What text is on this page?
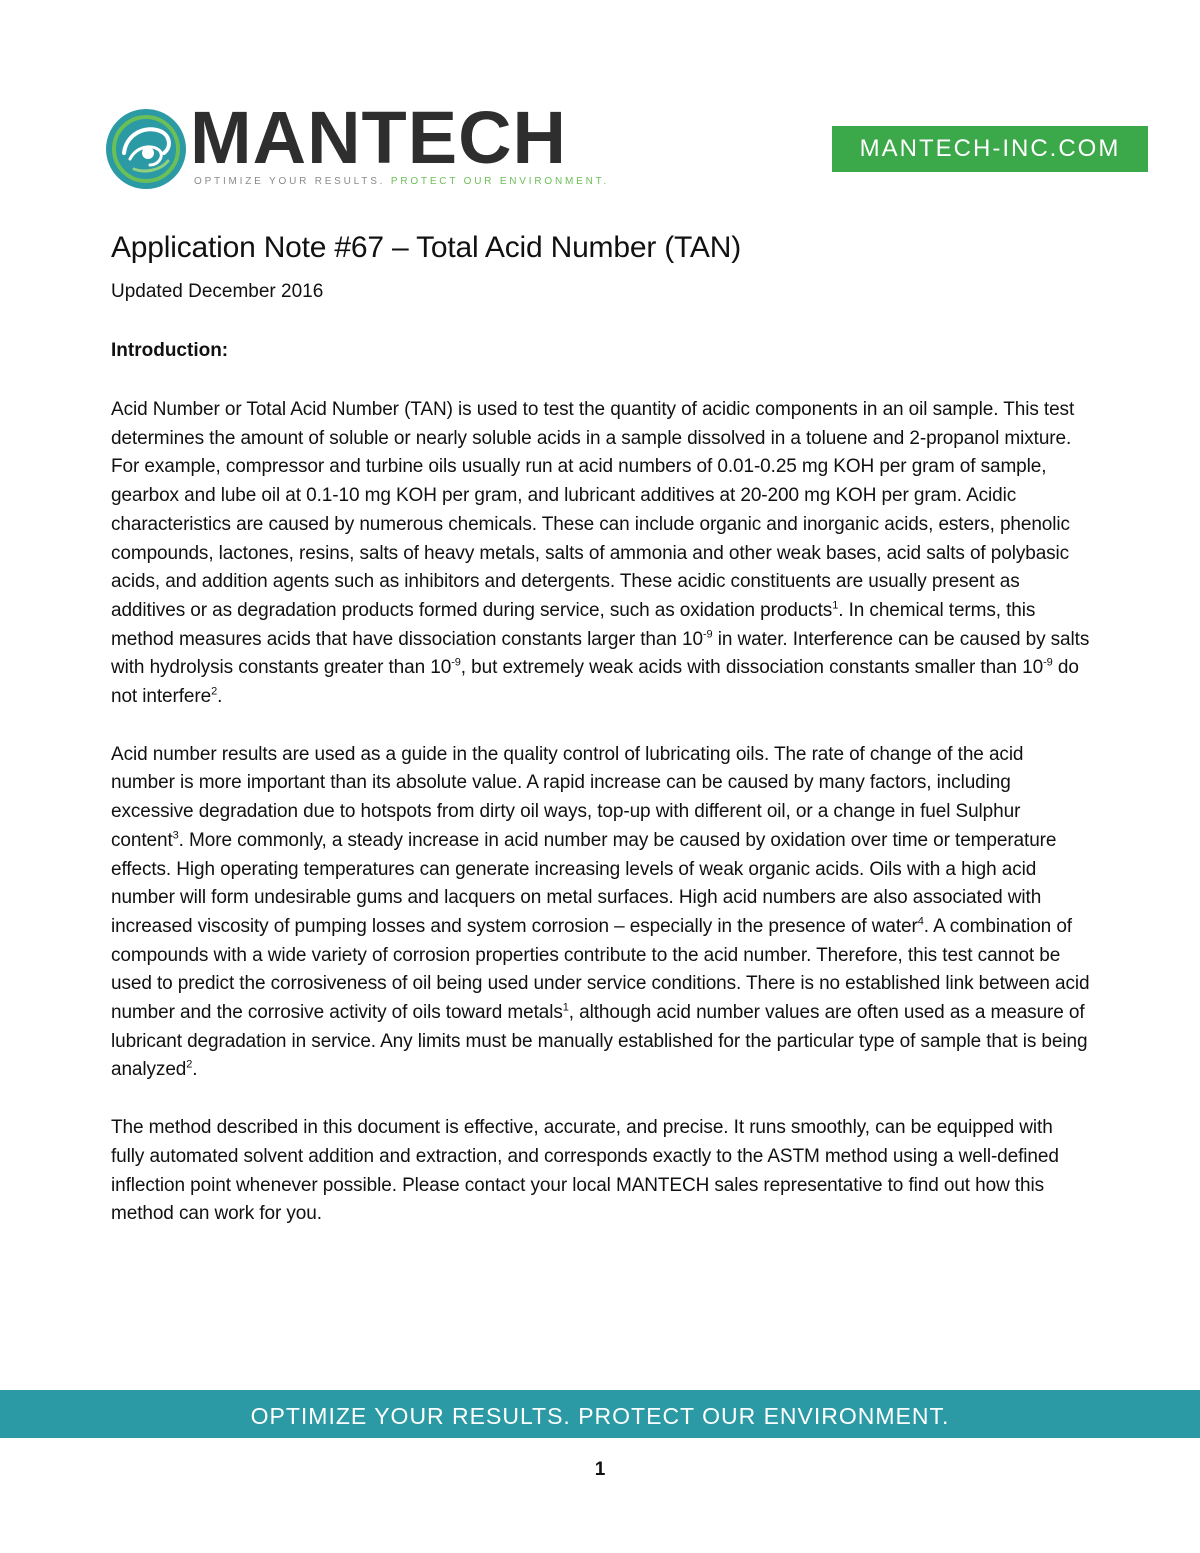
MANTECH
OPTIMIZE YOUR RESULTS. PROTECT OUR ENVIRONMENT.
MANTECH-INC.COM
Application Note #67 – Total Acid Number (TAN)
Updated December 2016
Introduction:

Acid Number or Total Acid Number (TAN) is used to test the quantity of acidic components in an oil sample. This test determines the amount of soluble or nearly soluble acids in a sample dissolved in a toluene and 2-propanol mixture. For example, compressor and turbine oils usually run at acid numbers of 0.01-0.25 mg KOH per gram of sample, gearbox and lube oil at 0.1-10 mg KOH per gram, and lubricant additives at 20-200 mg KOH per gram. Acidic characteristics are caused by numerous chemicals. These can include organic and inorganic acids, esters, phenolic compounds, lactones, resins, salts of heavy metals, salts of ammonia and other weak bases, acid salts of polybasic acids, and addition agents such as inhibitors and detergents. These acidic constituents are usually present as additives or as degradation products formed during service, such as oxidation products$^1$. In chemical terms, this method measures acids that have dissociation constants larger than $10^{-9}$ in water. Interference can be caused by salts with hydrolysis constants greater than $10^{-9}$, but extremely weak acids with dissociation constants smaller than $10^{-9}$ do not interfere$^2$.

Acid number results are used as a guide in the quality control of lubricating oils. The rate of change of the acid number is more important than its absolute value. A rapid increase can be caused by many factors, including excessive degradation due to hotspots from dirty oil ways, top-up with different oil, or a change in fuel Sulphur content$^3$. More commonly, a steady increase in acid number may be caused by oxidation over time or temperature effects. High operating temperatures can generate increasing levels of weak organic acids. Oils with a high acid number will form undesirable gums and lacquers on metal surfaces. High acid numbers are also associated with increased viscosity of pumping losses and system corrosion – especially in the presence of water$^4$. A combination of compounds with a wide variety of corrosion properties contribute to the acid number. Therefore, this test cannot be used to predict the corrosiveness of oil being used under service conditions. There is no established link between acid number and the corrosive activity of oils toward metals$^1$, although acid number values are often used as a measure of lubricant degradation in service. Any limits must be manually established for the particular type of sample that is being analyzed$^2$.

The method described in this document is effective, accurate, and precise. It runs smoothly, can be equipped with fully automated solvent addition and extraction, and corresponds exactly to the ASTM method using a well-defined inflection point whenever possible. Please contact your local MANTECH sales representative to find out how this method can work for you.

OPTIMIZE YOUR RESULTS. PROTECT OUR ENVIRONMENT.
1
